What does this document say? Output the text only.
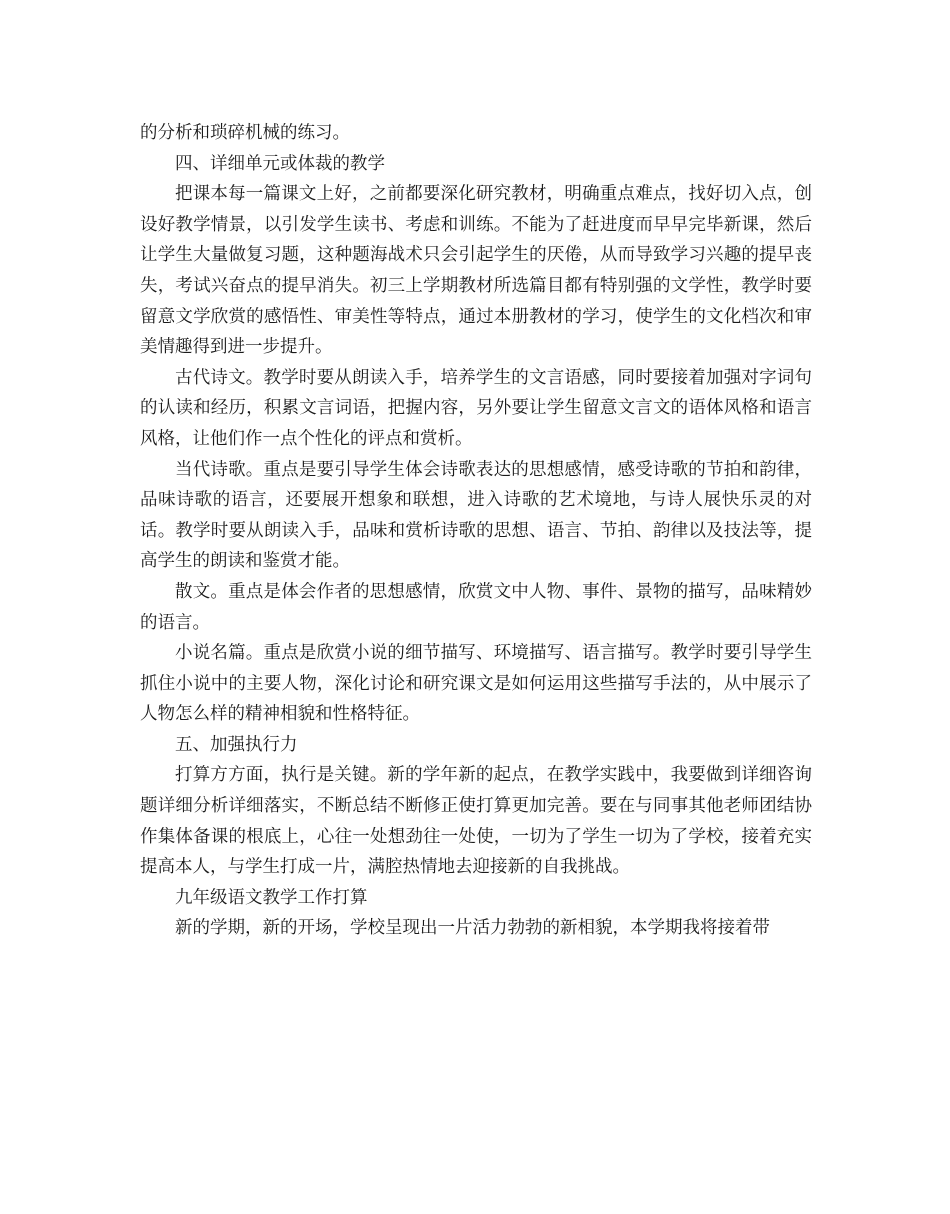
的分析和琐碎机械的练习。

四、详细单元或体裁的教学

把课本每一篇课文上好，之前都要深化研究教材，明确重点难点，找好切入点，创设好教学情景，以引发学生读书、考虑和训练。不能为了赶进度而早早完毕新课，然后让学生大量做复习题，这种题海战术只会引起学生的厌倦，从而导致学习兴趣的提早丧失，考试兴奋点的提早消失。初三上学期教材所选篇目都有特别强的文学性，教学时要留意文学欣赏的感悟性、审美性等特点，通过本册教材的学习，使学生的文化档次和审美情趣得到进一步提升。

古代诗文。教学时要从朗读入手，培养学生的文言语感，同时要接着加强对字词句的认读和经历，积累文言词语，把握内容，另外要让学生留意文言文的语体风格和语言风格，让他们作一点个性化的评点和赏析。

当代诗歌。重点是要引导学生体会诗歌表达的思想感情，感受诗歌的节拍和韵律，品味诗歌的语言，还要展开想象和联想，进入诗歌的艺术境地，与诗人展快乐灵的对话。教学时要从朗读入手，品味和赏析诗歌的思想、语言、节拍、韵律以及技法等，提高学生的朗读和鉴赏才能。

散文。重点是体会作者的思想感情，欣赏文中人物、事件、景物的描写，品味精妙的语言。

小说名篇。重点是欣赏小说的细节描写、环境描写、语言描写。教学时要引导学生抓住小说中的主要人物，深化讨论和研究课文是如何运用这些描写手法的，从中展示了人物怎么样的精神相貌和性格特征。

五、加强执行力

打算方方面，执行是关键。新的学年新的起点，在教学实践中，我要做到详细咨询题详细分析详细落实，不断总结不断修正使打算更加完善。要在与同事其他老师团结协作集体备课的根底上，心往一处想劲往一处使，一切为了学生一切为了学校，接着充实提高本人，与学生打成一片，满腔热情地去迎接新的自我挑战。

九年级语文教学工作打算

新的学期，新的开场，学校呈现出一片活力勃勃的新相貌，本学期我将接着带
